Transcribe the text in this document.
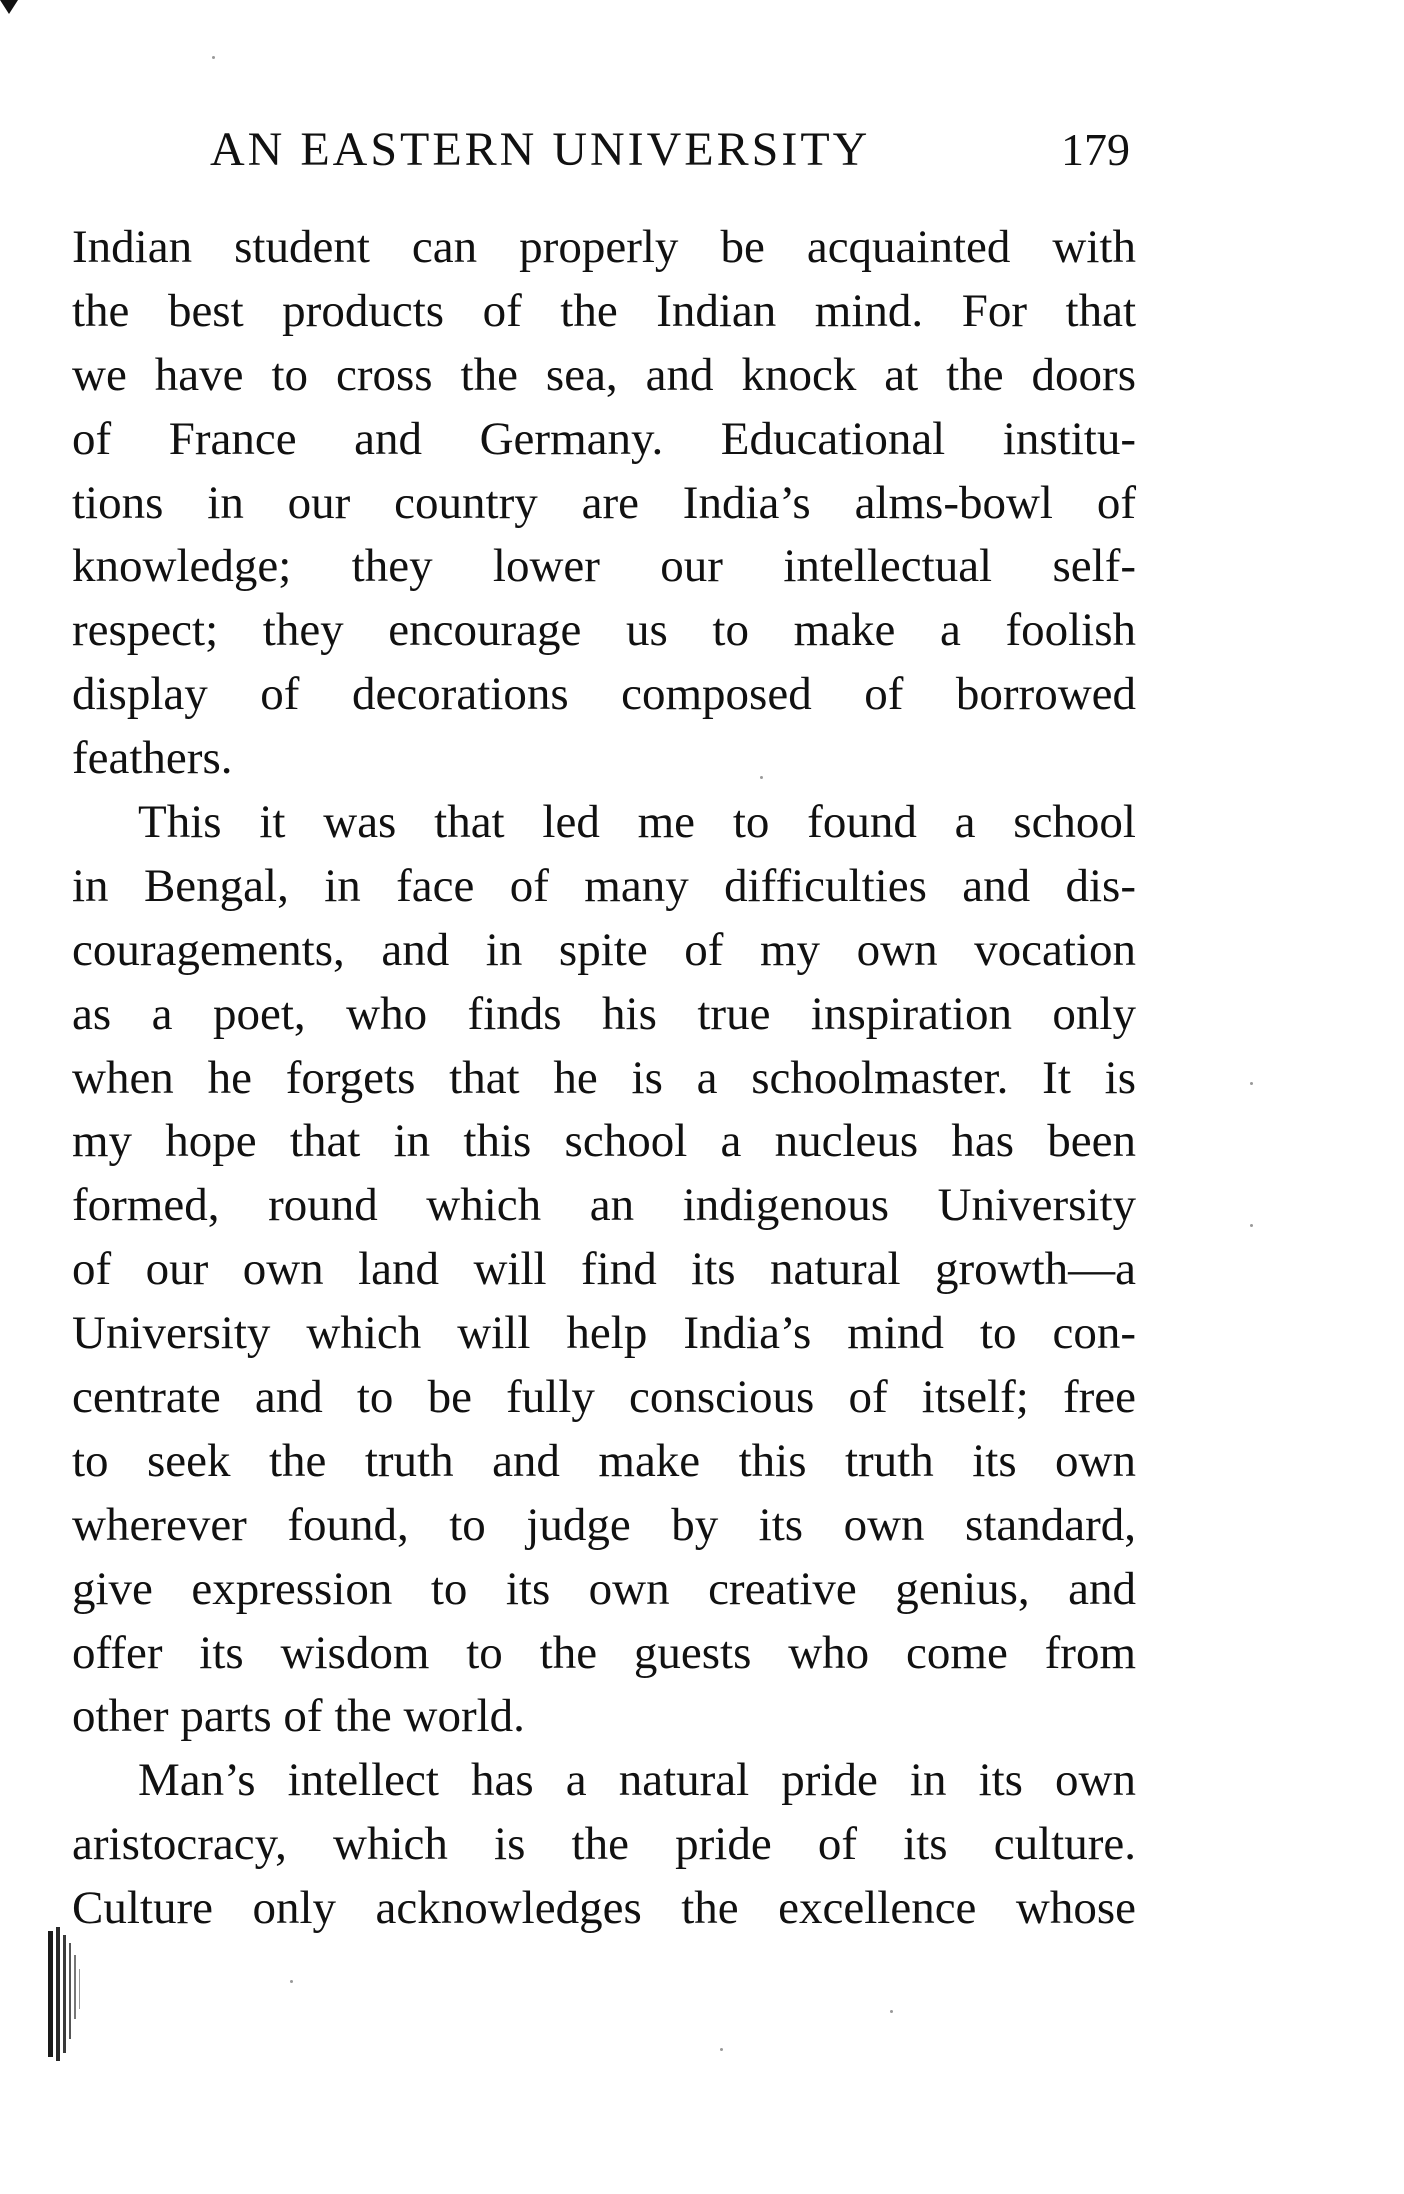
AN EASTERN UNIVERSITY	179
Indian student can properly be acquainted with
the best products of the Indian mind. For that
we have to cross the sea, and knock at the doors
of France and Germany. Educational institu-
tions in our country are India’s alms-bowl of
knowledge; they lower our intellectual self-
respect; they encourage us to make a foolish
display of decorations composed of borrowed
feathers.
This it was that led me to found a school
in Bengal, in face of many difficulties and dis-
couragements, and in spite of my own vocation
as a poet, who finds his true inspiration only
when he forgets that he is a schoolmaster. It is
my hope that in this school a nucleus has been
formed, round which an indigenous University
of our own land will find its natural growth—a
University which will help India’s mind to con-
centrate and to be fully conscious of itself; free
to seek the truth and make this truth its own
wherever found, to judge by its own standard,
give expression to its own creative genius, and
offer its wisdom to the guests who come from
other parts of the world.
Man’s intellect has a natural pride in its own
aristocracy, which is the pride of its culture.
Culture only acknowledges the excellence whose
